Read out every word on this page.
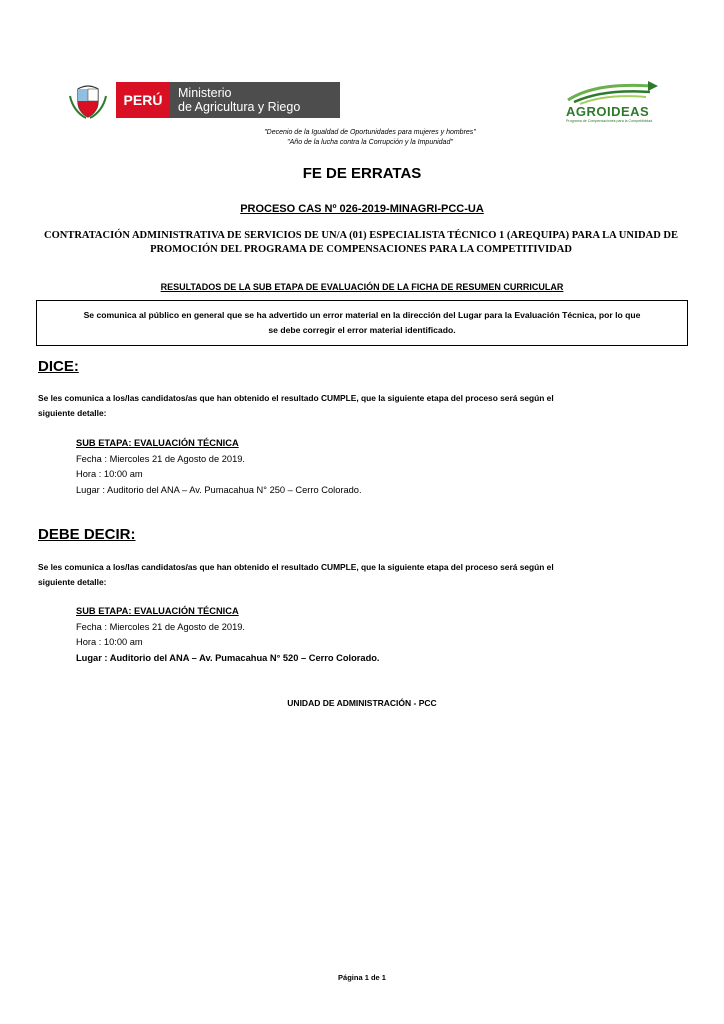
PERÚ	Ministerio
de Agricultura y Riego	AGROIDEAS
Programa de Compensaciones para la Competitividad
"Decenio de la Igualdad de Oportunidades para mujeres y hombres"
"Año de la lucha contra la Corrupción y la Impunidad"
FE DE ERRATAS
PROCESO CAS Nº 026-2019-MINAGRI-PCC-UA
CONTRATACIÓN ADMINISTRATIVA DE SERVICIOS DE UN/A (01) ESPECIALISTA TÉCNICO 1 (AREQUIPA) PARA LA UNIDAD DE
PROMOCIÓN DEL PROGRAMA DE COMPENSACIONES PARA LA COMPETITIVIDAD
RESULTADOS DE LA SUB ETAPA DE EVALUACIÓN DE LA FICHA DE RESUMEN CURRICULAR
Se comunica al público en general que se ha advertido un error material en la dirección del Lugar para la Evaluación Técnica, por lo que
se debe corregir el error material identificado.
DICE:
Se les comunica a los/las candidatos/as que han obtenido el resultado CUMPLE, que la siguiente etapa del proceso será según el
siguiente detalle:
SUB ETAPA: EVALUACIÓN TÉCNICA
Fecha : Miercoles 21 de Agosto de 2019.
Hora : 10:00 am
Lugar : Auditorio del ANA – Av. Pumacahua N° 250 – Cerro Colorado.
DEBE DECIR:
Se les comunica a los/las candidatos/as que han obtenido el resultado CUMPLE, que la siguiente etapa del proceso será según el
siguiente detalle:
SUB ETAPA: EVALUACIÓN TÉCNICA
Fecha : Miercoles 21 de Agosto de 2019.
Hora : 10:00 am
Lugar : Auditorio del ANA – Av. Pumacahua N° 520 – Cerro Colorado.
UNIDAD DE ADMINISTRACIÓN - PCC
Página 1 de 1
